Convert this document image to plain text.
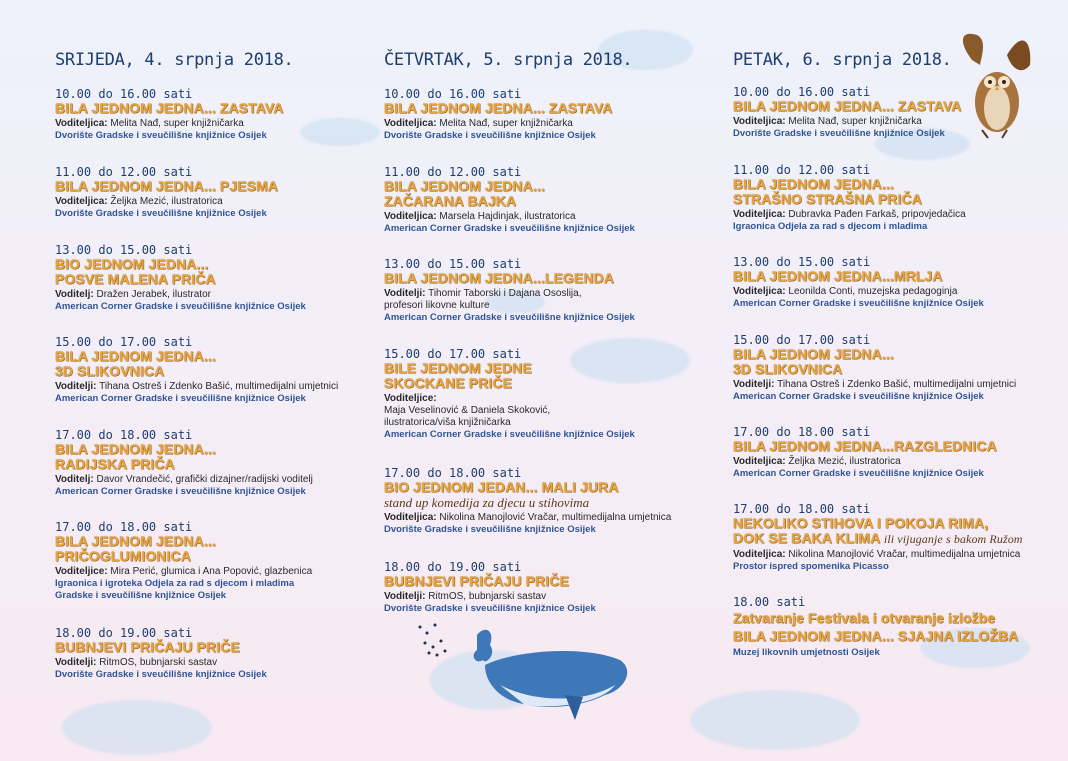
SRIJEDA, 4. srpnja 2018.
10.00 do 16.00 sati
BILA JEDNOM JEDNA... ZASTAVA
Voditeljica: Melita Nađ, super knjižničarka
Dvorište Gradske i sveučilišne knjižnice Osijek
11.00 do 12.00 sati
BILA JEDNOM JEDNA... PJESMA
Voditeljica: Željka Mezić, ilustratorica
Dvorište Gradske i sveučilišne knjižnice Osijek
13.00 do 15.00 sati
BIO JEDNOM JEDNA...
POSVE MALENA PRIČA
Voditelj: Dražen Jerabek, ilustrator
American Corner Gradske i sveučilišne knjižnice Osijek
15.00 do 17.00 sati
BILA JEDNOM JEDNA...
3D SLIKOVNICA
Voditelji: Tihana Ostreš i Zdenko Bašić, multimedijalni umjetnici
American Corner Gradske i sveučilišne knjižnice Osijek
17.00 do 18.00 sati
BILA JEDNOM JEDNA...
RADIJSKA PRIČA
Voditelj: Davor Vrandečić, grafički dizajner/radijski voditelj
American Corner Gradske i sveučilišne knjižnice Osijek
17.00 do 18.00 sati
BILA JEDNOM JEDNA...
PRIČOGLUMIONICA
Voditeljice: Mira Perić, glumica i Ana Popović, glazbenica
Igraonica i igroteka Odjela za rad s djecom i mladima
Gradske i sveučilišne knjižnice Osijek
18.00 do 19.00 sati
BUBNJEVI PRIČAJU PRIČE
Voditelji: RitmOS, bubnjarski sastav
Dvorište Gradske i sveučilišne knjižnice Osijek
ČETVRTAK, 5. srpnja 2018.
10.00 do 16.00 sati
BILA JEDNOM JEDNA... ZASTAVA
Voditeljica: Melita Nađ, super knjižničarka
Dvorište Gradske i sveučilišne knjižnice Osijek
11.00 do 12.00 sati
BILA JEDNOM JEDNA...
ZAČARANA BAJKA
Voditeljica: Marsela Hajdinjak, ilustratorica
American Corner Gradske i sveučilišne knjižnice Osijek
13.00 do 15.00 sati
BILA JEDNOM JEDNA...LEGENDA
Voditelji: Tihomir Taborski i Dajana Ososlija,
profesori likovne kulture
American Corner Gradske i sveučilišne knjižnice Osijek
15.00 do 17.00 sati
BILE JEDNOM JEDNE
SKOCKANE PRIČE
Voditeljice:
Maja Veselinović & Daniela Skoković,
ilustratorica/viša knjižničarka
American Corner Gradske i sveučilišne knjižnice Osijek
17.00 do 18.00 sati
BIO JEDNOM JEDAN... MALI JURA
stand up komedija za djecu u stihovima
Voditeljica: Nikolina Manojlović Vračar, multimedijalna umjetnica
Dvorište Gradske i sveučilišne knjižnice Osijek
18.00 do 19.00 sati
BUBNJEVI PRIČAJU PRIČE
Voditelji: RitmOS, bubnjarski sastav
Dvorište Gradske i sveučilišne knjižnice Osijek
PETAK, 6. srpnja 2018.
10.00 do 16.00 sati
BILA JEDNOM JEDNA... ZASTAVA
Voditeljica: Melita Nađ, super knjižničarka
Dvorište Gradske i sveučilišne knjižnice Osijek
11.00 do 12.00 sati
BILA JEDNOM JEDNA...
STRAŠNO STRAŠNA PRIČA
Voditeljica: Dubravka Pađen Farkaš, pripovjedačica
Igraonica Odjela za rad s djecom i mladima
13.00 do 15.00 sati
BILA JEDNOM JEDNA...MRLJA
Voditeljica: Leonilda Conti, muzejska pedagoginja
American Corner Gradske i sveučilišne knjižnice Osijek
15.00 do 17.00 sati
BILA JEDNOM JEDNA...
3D SLIKOVNICA
Voditelji: Tihana Ostreš i Zdenko Bašić, multimedijalni umjetnici
American Corner Gradske i sveučilišne knjižnice Osijek
17.00 do 18.00 sati
BILA JEDNOM JEDNA...RAZGLEDNICA
Voditeljica: Željka Mezić, ilustratorica
American Corner Gradske i sveučilišne knjižnice Osijek
17.00 do 18.00 sati
NEKOLIKO STIHOVA I POKOJA RIMA,
DOK SE BAKA KLIMA ili vijuganje s bakom Ružom
Voditeljica: Nikolina Manojlović Vračar, multimedijalna umjetnica
Prostor ispred spomenika Picasso
18.00 sati
Zatvaranje Festivala i otvaranje izložbe
BILA JEDNOM JEDNA... SJAJNA IZLOŽBA
Muzej likovnih umjetnosti Osijek
